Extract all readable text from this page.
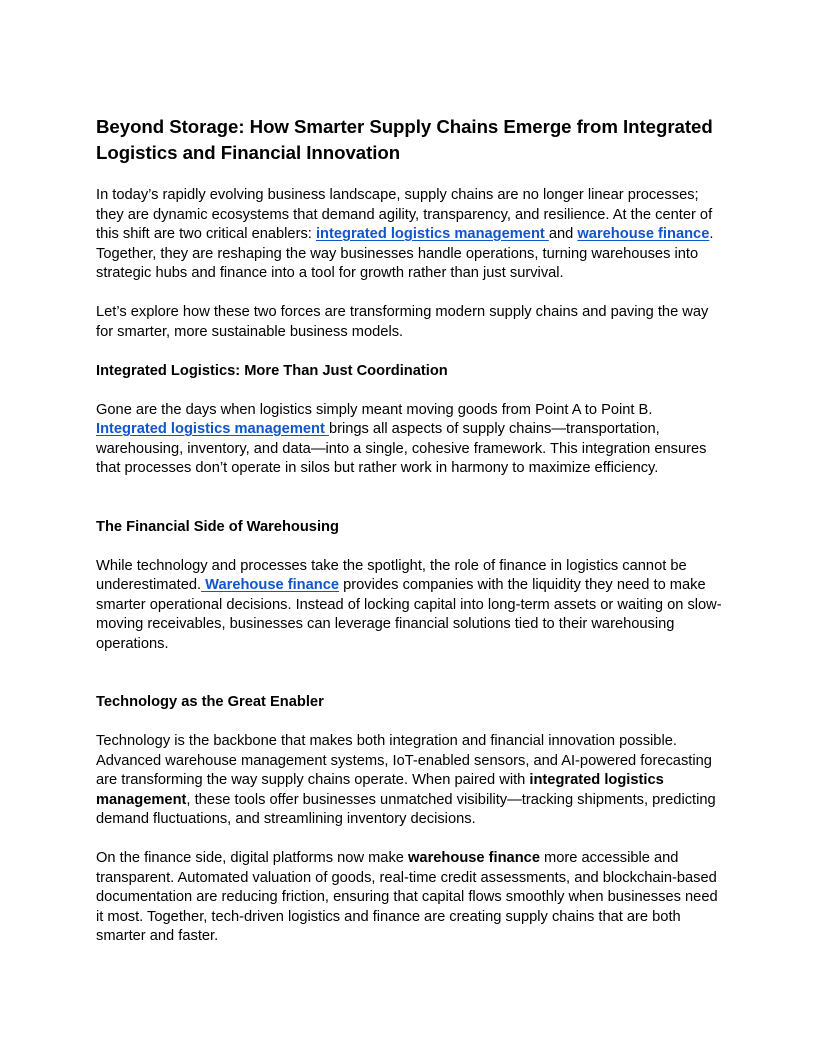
Beyond Storage: How Smarter Supply Chains Emerge from Integrated Logistics and Financial Innovation

In today’s rapidly evolving business landscape, supply chains are no longer linear processes; they are dynamic ecosystems that demand agility, transparency, and resilience. At the center of this shift are two critical enablers: integrated logistics management and warehouse finance. Together, they are reshaping the way businesses handle operations, turning warehouses into strategic hubs and finance into a tool for growth rather than just survival.

Let’s explore how these two forces are transforming modern supply chains and paving the way for smarter, more sustainable business models.

Integrated Logistics: More Than Just Coordination

Gone are the days when logistics simply meant moving goods from Point A to Point B. Integrated logistics management brings all aspects of supply chains—transportation, warehousing, inventory, and data—into a single, cohesive framework. This integration ensures that processes don’t operate in silos but rather work in harmony to maximize efficiency.

The Financial Side of Warehousing

While technology and processes take the spotlight, the role of finance in logistics cannot be underestimated. Warehouse finance provides companies with the liquidity they need to make smarter operational decisions. Instead of locking capital into long-term assets or waiting on slow-moving receivables, businesses can leverage financial solutions tied to their warehousing operations.

Technology as the Great Enabler

Technology is the backbone that makes both integration and financial innovation possible. Advanced warehouse management systems, IoT-enabled sensors, and AI-powered forecasting are transforming the way supply chains operate. When paired with integrated logistics management, these tools offer businesses unmatched visibility—tracking shipments, predicting demand fluctuations, and streamlining inventory decisions.

On the finance side, digital platforms now make warehouse finance more accessible and transparent. Automated valuation of goods, real-time credit assessments, and blockchain-based documentation are reducing friction, ensuring that capital flows smoothly when businesses need it most. Together, tech-driven logistics and finance are creating supply chains that are both smarter and faster.
